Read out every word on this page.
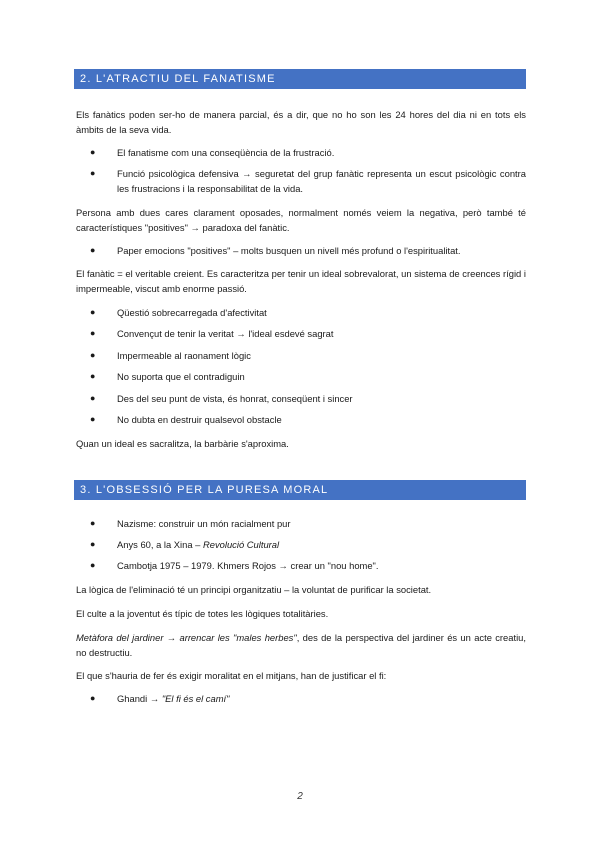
2. L'ATRACTIU DEL FANATISME
Els fanàtics poden ser-ho de manera parcial, és a dir, que no ho son les 24 hores del dia ni en tots els àmbits de la seva vida.
● El fanatisme com una conseqüència de la frustració.
● Funció psicològica defensiva → seguretat del grup fanàtic representa un escut psicològic contra les frustracions i la responsabilitat de la vida.
Persona amb dues cares clarament oposades, normalment només veiem la negativa, però també té característiques "positives" → paradoxa del fanàtic.
● Paper emocions "positives" – molts busquen un nivell més profund o l'espiritualitat.
El fanàtic = el veritable creient. Es caracteritza per tenir un ideal sobrevalorat, un sistema de creences rígid i impermeable, viscut amb enorme passió.
● Qüestió sobrecarregada d'afectivitat
● Convençut de tenir la veritat → l'ideal esdevé sagrat
● Impermeable al raonament lògic
● No suporta que el contradiguin
● Des del seu punt de vista, és honrat, conseqüent i sincer
● No dubta en destruir qualsevol obstacle
Quan un ideal es sacralitza, la barbàrie s'aproxima.
3. L'OBSESSIÓ PER LA PURESA MORAL
● Nazisme: construir un món racialment pur
● Anys 60, a la Xina – Revolució Cultural
● Cambotja 1975 – 1979. Khmers Rojos → crear un "nou home".
La lògica de l'eliminació té un principi organitzatiu – la voluntat de purificar la societat.
El culte a la joventut és típic de totes les lògiques totalitàries.
Metàfora del jardiner → arrencar les "males herbes", des de la perspectiva del jardiner és un acte creatiu, no destructiu.
El que s'hauria de fer és exigir moralitat en el mitjans, han de justificar el fi:
● Ghandi → "El fi és el camí"
2
